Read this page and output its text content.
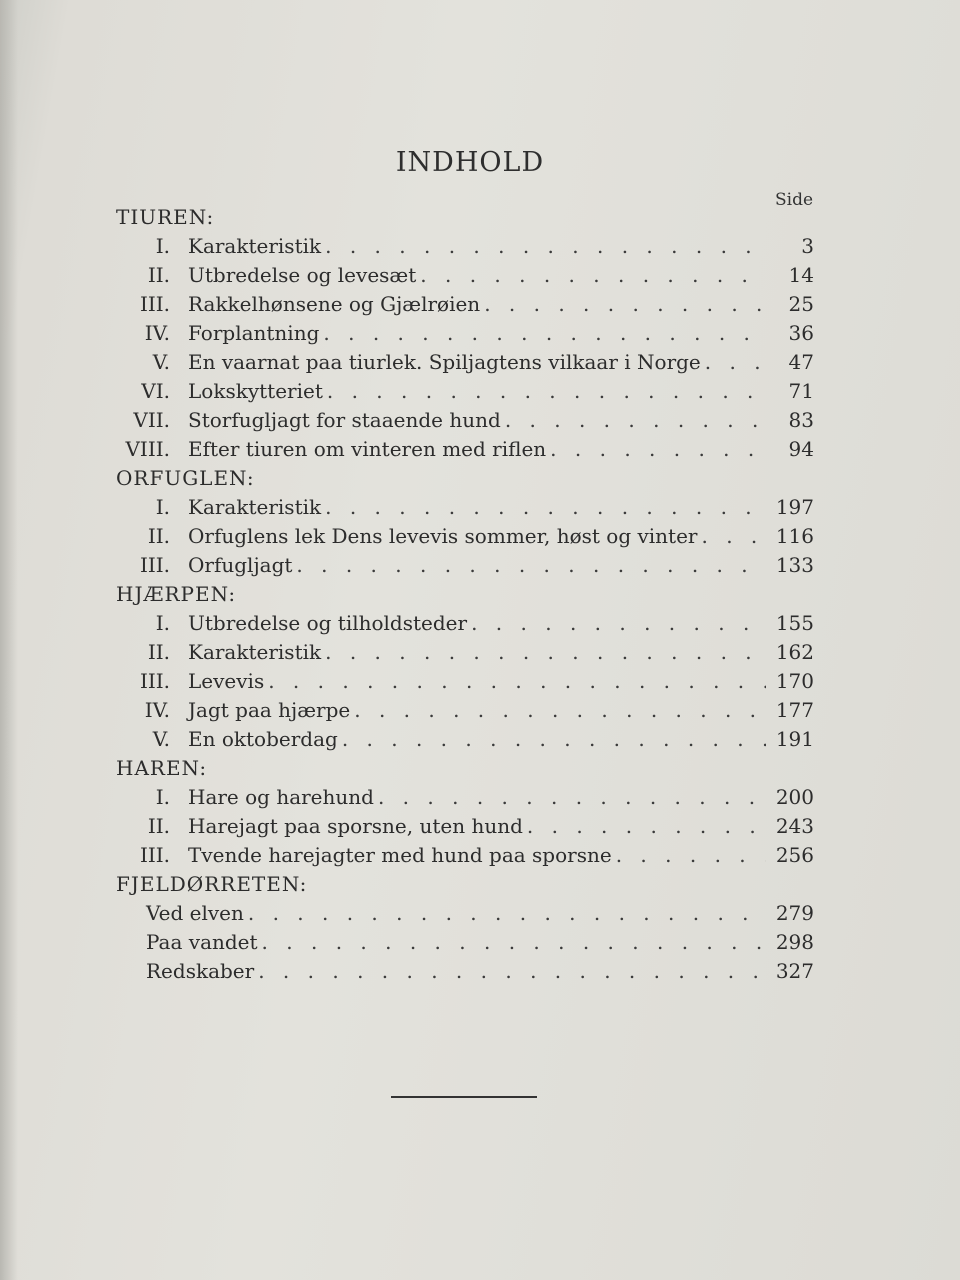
INDHOLD
Side
TIUREN:
I. Karakteristik . . .	3
II. Utbredelse og levesæt . . .	14
III. Rakkelhønsene og Gjælrøien . . .	25
IV. Forplantning . . .	36
V. En vaarnat paa tiurlek. Spiljagtens vilkaar i Norge . . .	47
VI. Lokskytteriet . . .	71
VII. Storfugljagt for staaende hund . . .	83
VIII. Efter tiuren om vinteren med riflen . . .	94
ORFUGLEN:
I. Karakteristik . . .	197
II. Orfuglens lek Dens levevis sommer, høst og vinter . . .	116
III. Orfugljagt . . .	133
HJÆRPEN:
I. Utbredelse og tilholdsteder . . .	155
II. Karakteristik . . .	162
III. Levevis . . .	170
IV. Jagt paa hjærpe . . .	177
V. En oktoberdag . . .	191
HAREN:
I. Hare og harehund . . .	200
II. Harejagt paa sporsne, uten hund . . .	243
III. Tvende harejagter med hund paa sporsne . . .	256
FJELDØRRETEN:
Ved elven . . .	279
Paa vandet . . .	298
Redskaber . . .	327
